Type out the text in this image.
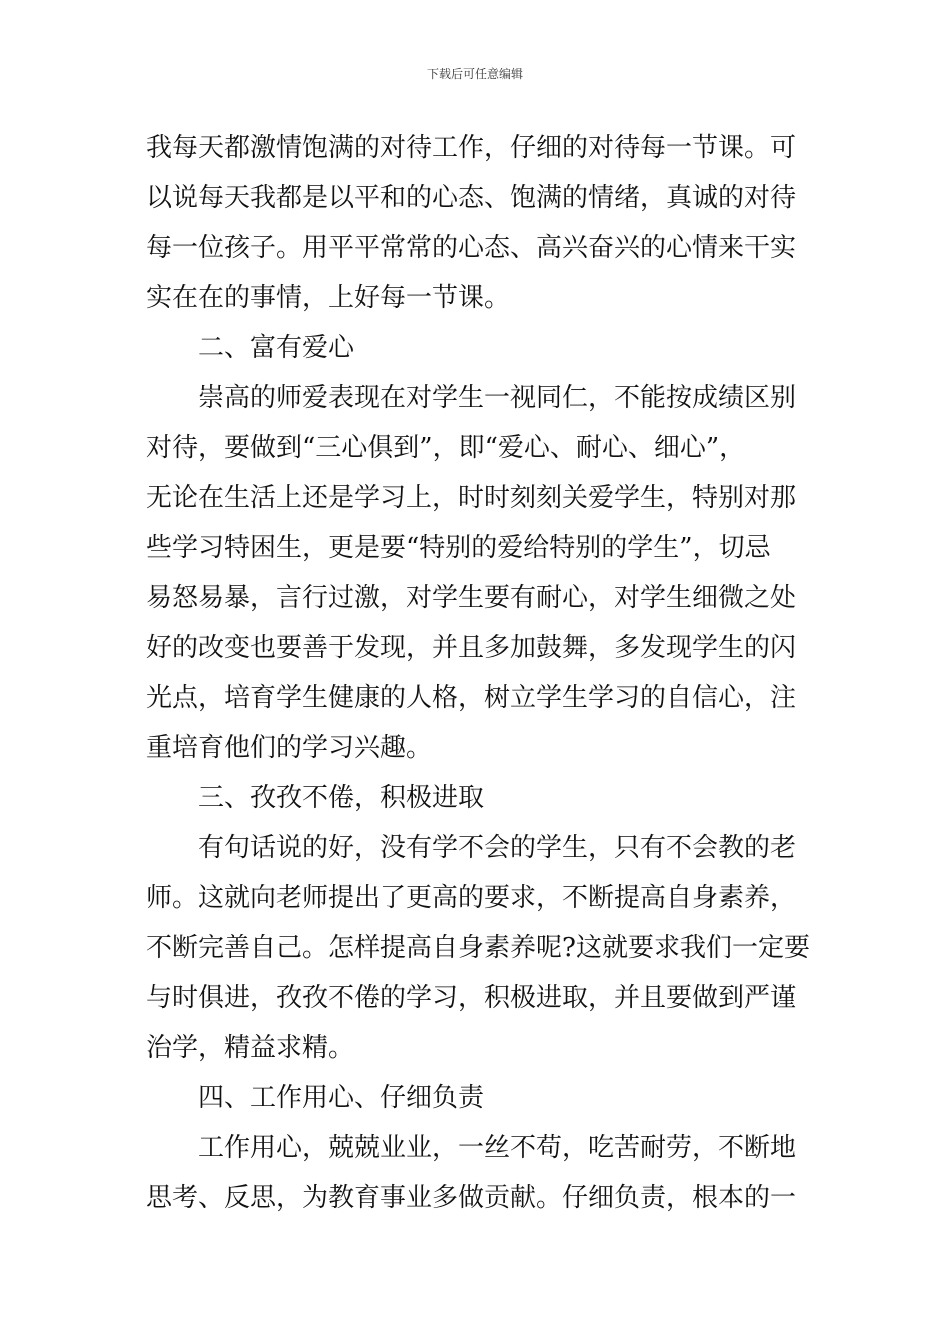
下载后可任意编辑
我每天都激情饱满的对待工作，仔细的对待每一节课。可
以说每天我都是以平和的心态、饱满的情绪，真诚的对待
每一位孩子。用平平常常的心态、高兴奋兴的心情来干实
实在在的事情，上好每一节课。
二、富有爱心
崇高的师爱表现在对学生一视同仁，不能按成绩区别
对待，要做到“三心俱到”，即“爱心、耐心、细心”，
无论在生活上还是学习上，时时刻刻关爱学生，特别对那
些学习特困生，更是要“特别的爱给特别的学生”，切忌
易怒易暴，言行过激，对学生要有耐心，对学生细微之处
好的改变也要善于发现，并且多加鼓舞，多发现学生的闪
光点，培育学生健康的人格，树立学生学习的自信心，注
重培育他们的学习兴趣。
三、孜孜不倦，积极进取
有句话说的好，没有学不会的学生，只有不会教的老
师。这就向老师提出了更高的要求，不断提高自身素养，
不断完善自己。怎样提高自身素养呢?这就要求我们一定要
与时俱进，孜孜不倦的学习，积极进取，并且要做到严谨
治学，精益求精。
四、工作用心、仔细负责
工作用心，兢兢业业，一丝不苟，吃苦耐劳，不断地
思考、反思，为教育事业多做贡献。仔细负责，根本的一
